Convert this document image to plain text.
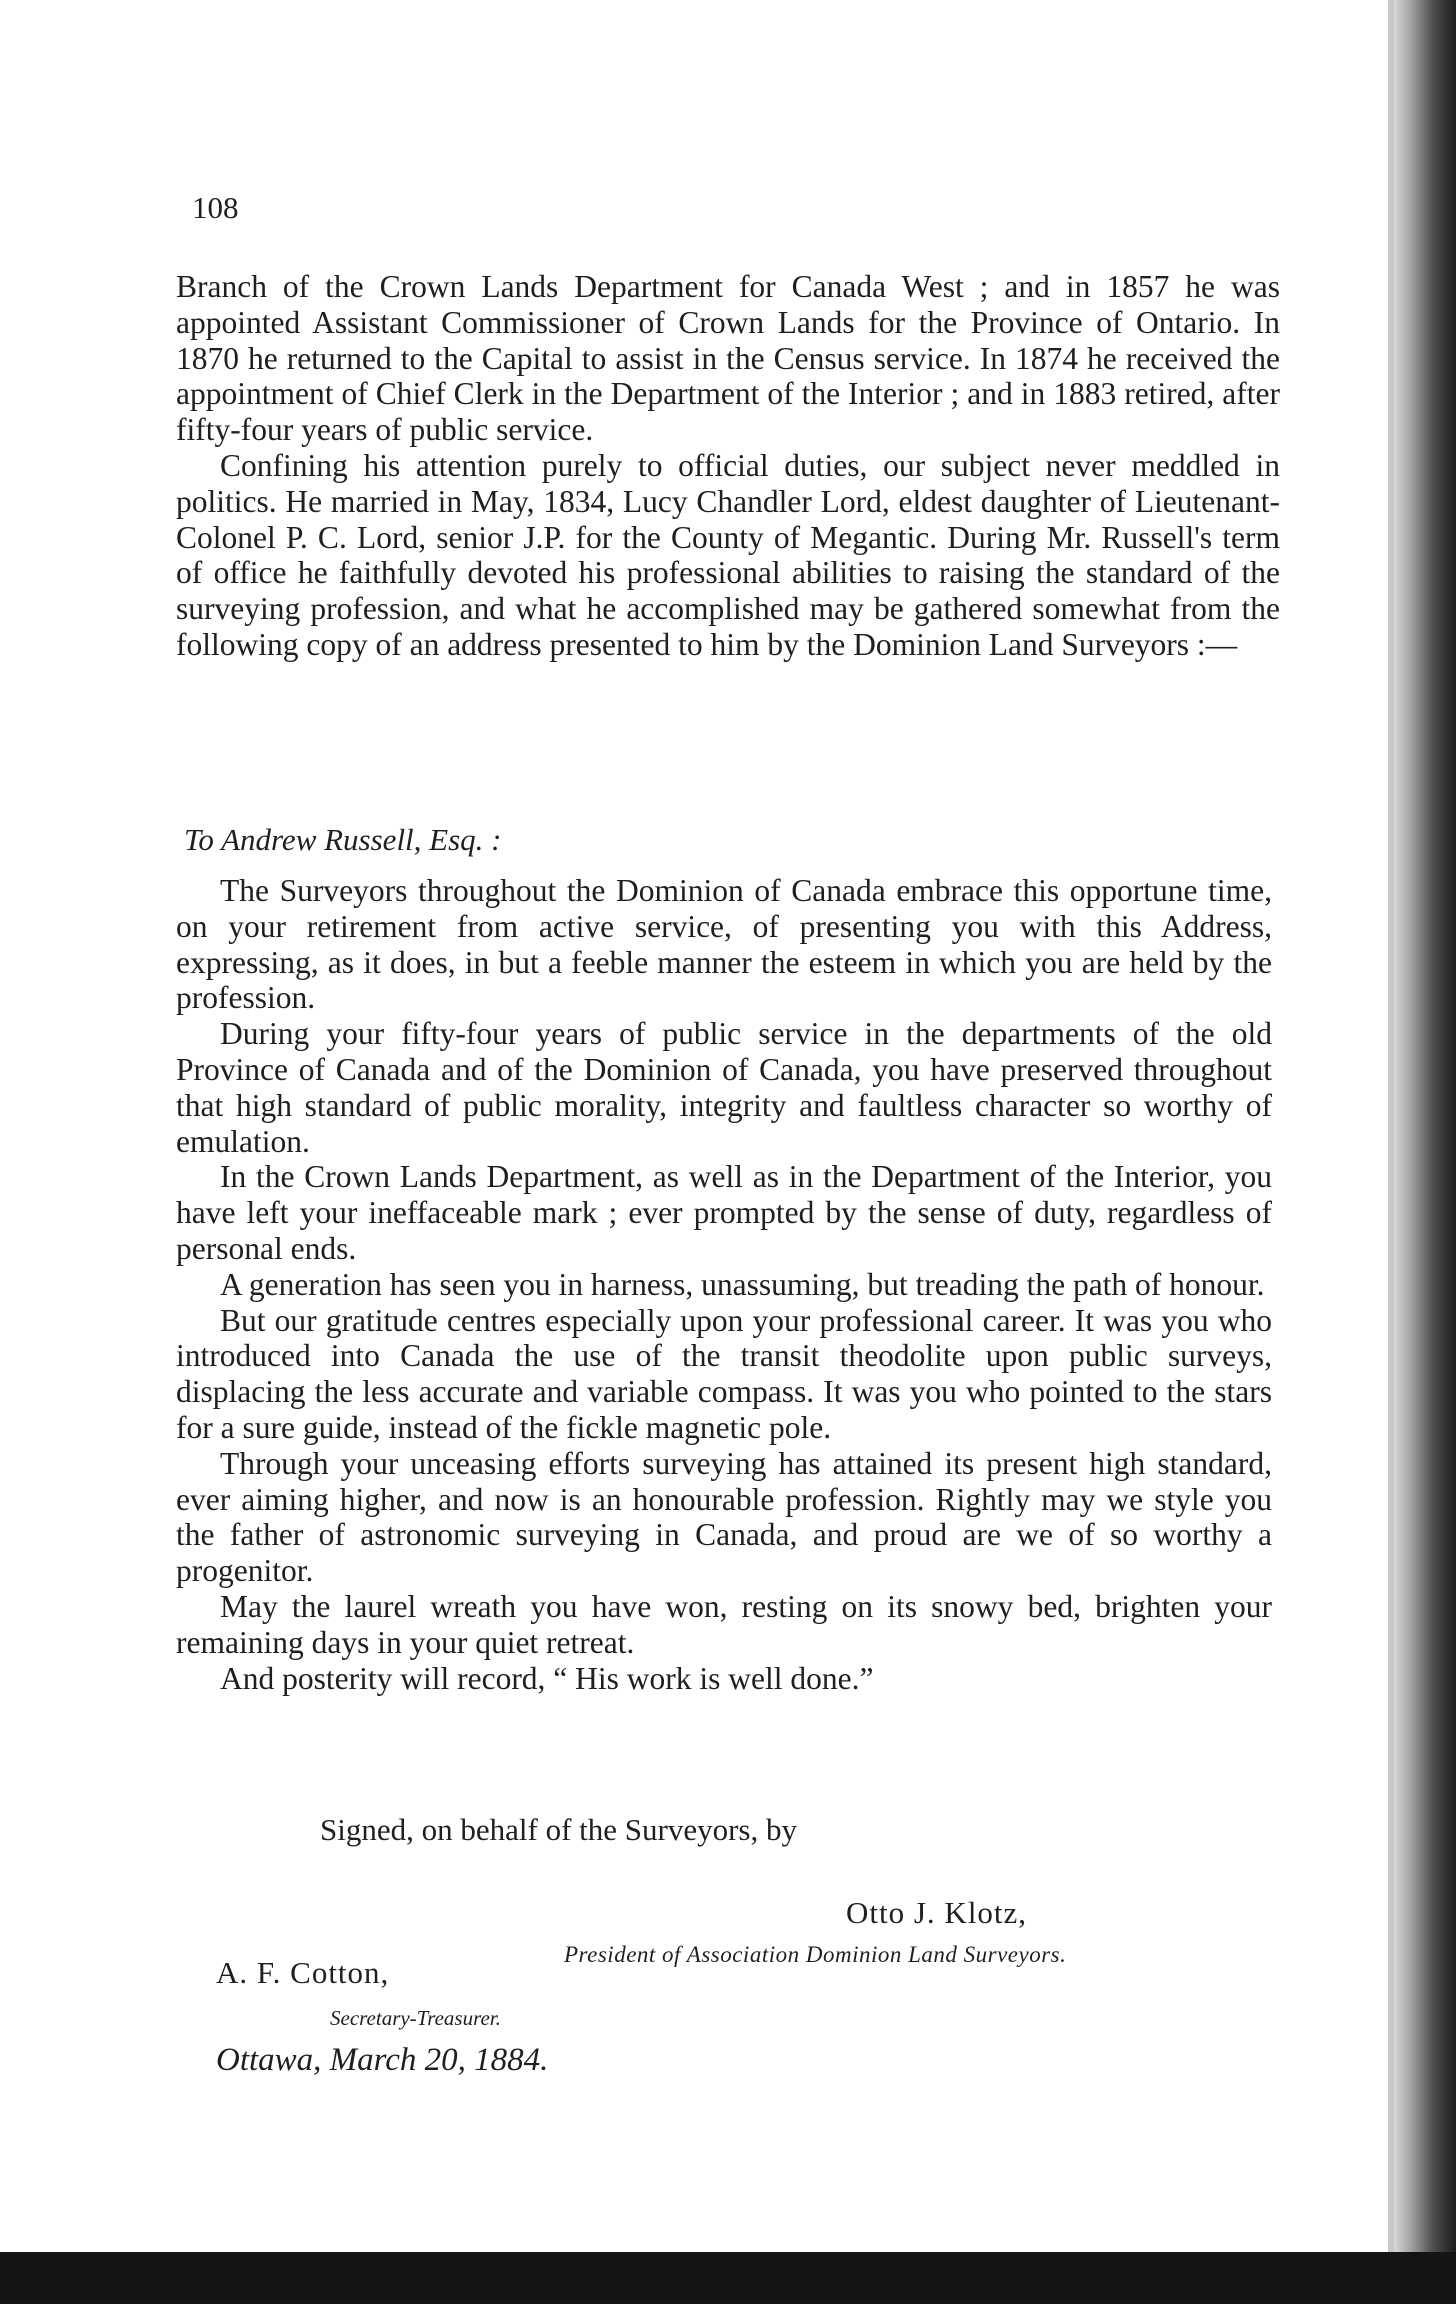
108

Branch of the Crown Lands Department for Canada West ; and in 1857 he was appointed Assistant Commissioner of Crown Lands for the Province of Ontario. In 1870 he returned to the Capital to assist in the Census service. In 1874 he received the appointment of Chief Clerk in the Department of the Interior ; and in 1883 retired, after fifty-four years of public service.

Confining his attention purely to official duties, our subject never meddled in politics. He married in May, 1834, Lucy Chandler Lord, eldest daughter of Lieutenant-Colonel P. C. Lord, senior J.P. for the County of Megantic. During Mr. Russell's term of office he faithfully devoted his professional abilities to raising the standard of the surveying profession, and what he accomplished may be gathered somewhat from the following copy of an address presented to him by the Dominion Land Surveyors :—

To Andrew Russell, Esq. :

The Surveyors throughout the Dominion of Canada embrace this opportune time, on your retirement from active service, of presenting you with this Address, expressing, as it does, in but a feeble manner the esteem in which you are held by the profession.

During your fifty-four years of public service in the departments of the old Province of Canada and of the Dominion of Canada, you have preserved throughout that high standard of public morality, integrity and faultless character so worthy of emulation.

In the Crown Lands Department, as well as in the Department of the Interior, you have left your ineffaceable mark ; ever prompted by the sense of duty, regardless of personal ends.

A generation has seen you in harness, unassuming, but treading the path of honour.

But our gratitude centres especially upon your professional career. It was you who introduced into Canada the use of the transit theodolite upon public surveys, displacing the less accurate and variable compass. It was you who pointed to the stars for a sure guide, instead of the fickle magnetic pole.

Through your unceasing efforts surveying has attained its present high standard, ever aiming higher, and now is an honourable profession. Rightly may we style you the father of astronomic surveying in Canada, and proud are we of so worthy a progenitor.

May the laurel wreath you have won, resting on its snowy bed, brighten your remaining days in your quiet retreat.

And posterity will record, “ His work is well done.”

Signed, on behalf of the Surveyors, by
Otto J. Klotz,
President of Association Dominion Land Surveyors.
A. F. Cotton,
Secretary-Treasurer.
Ottawa, March 20, 1884.
